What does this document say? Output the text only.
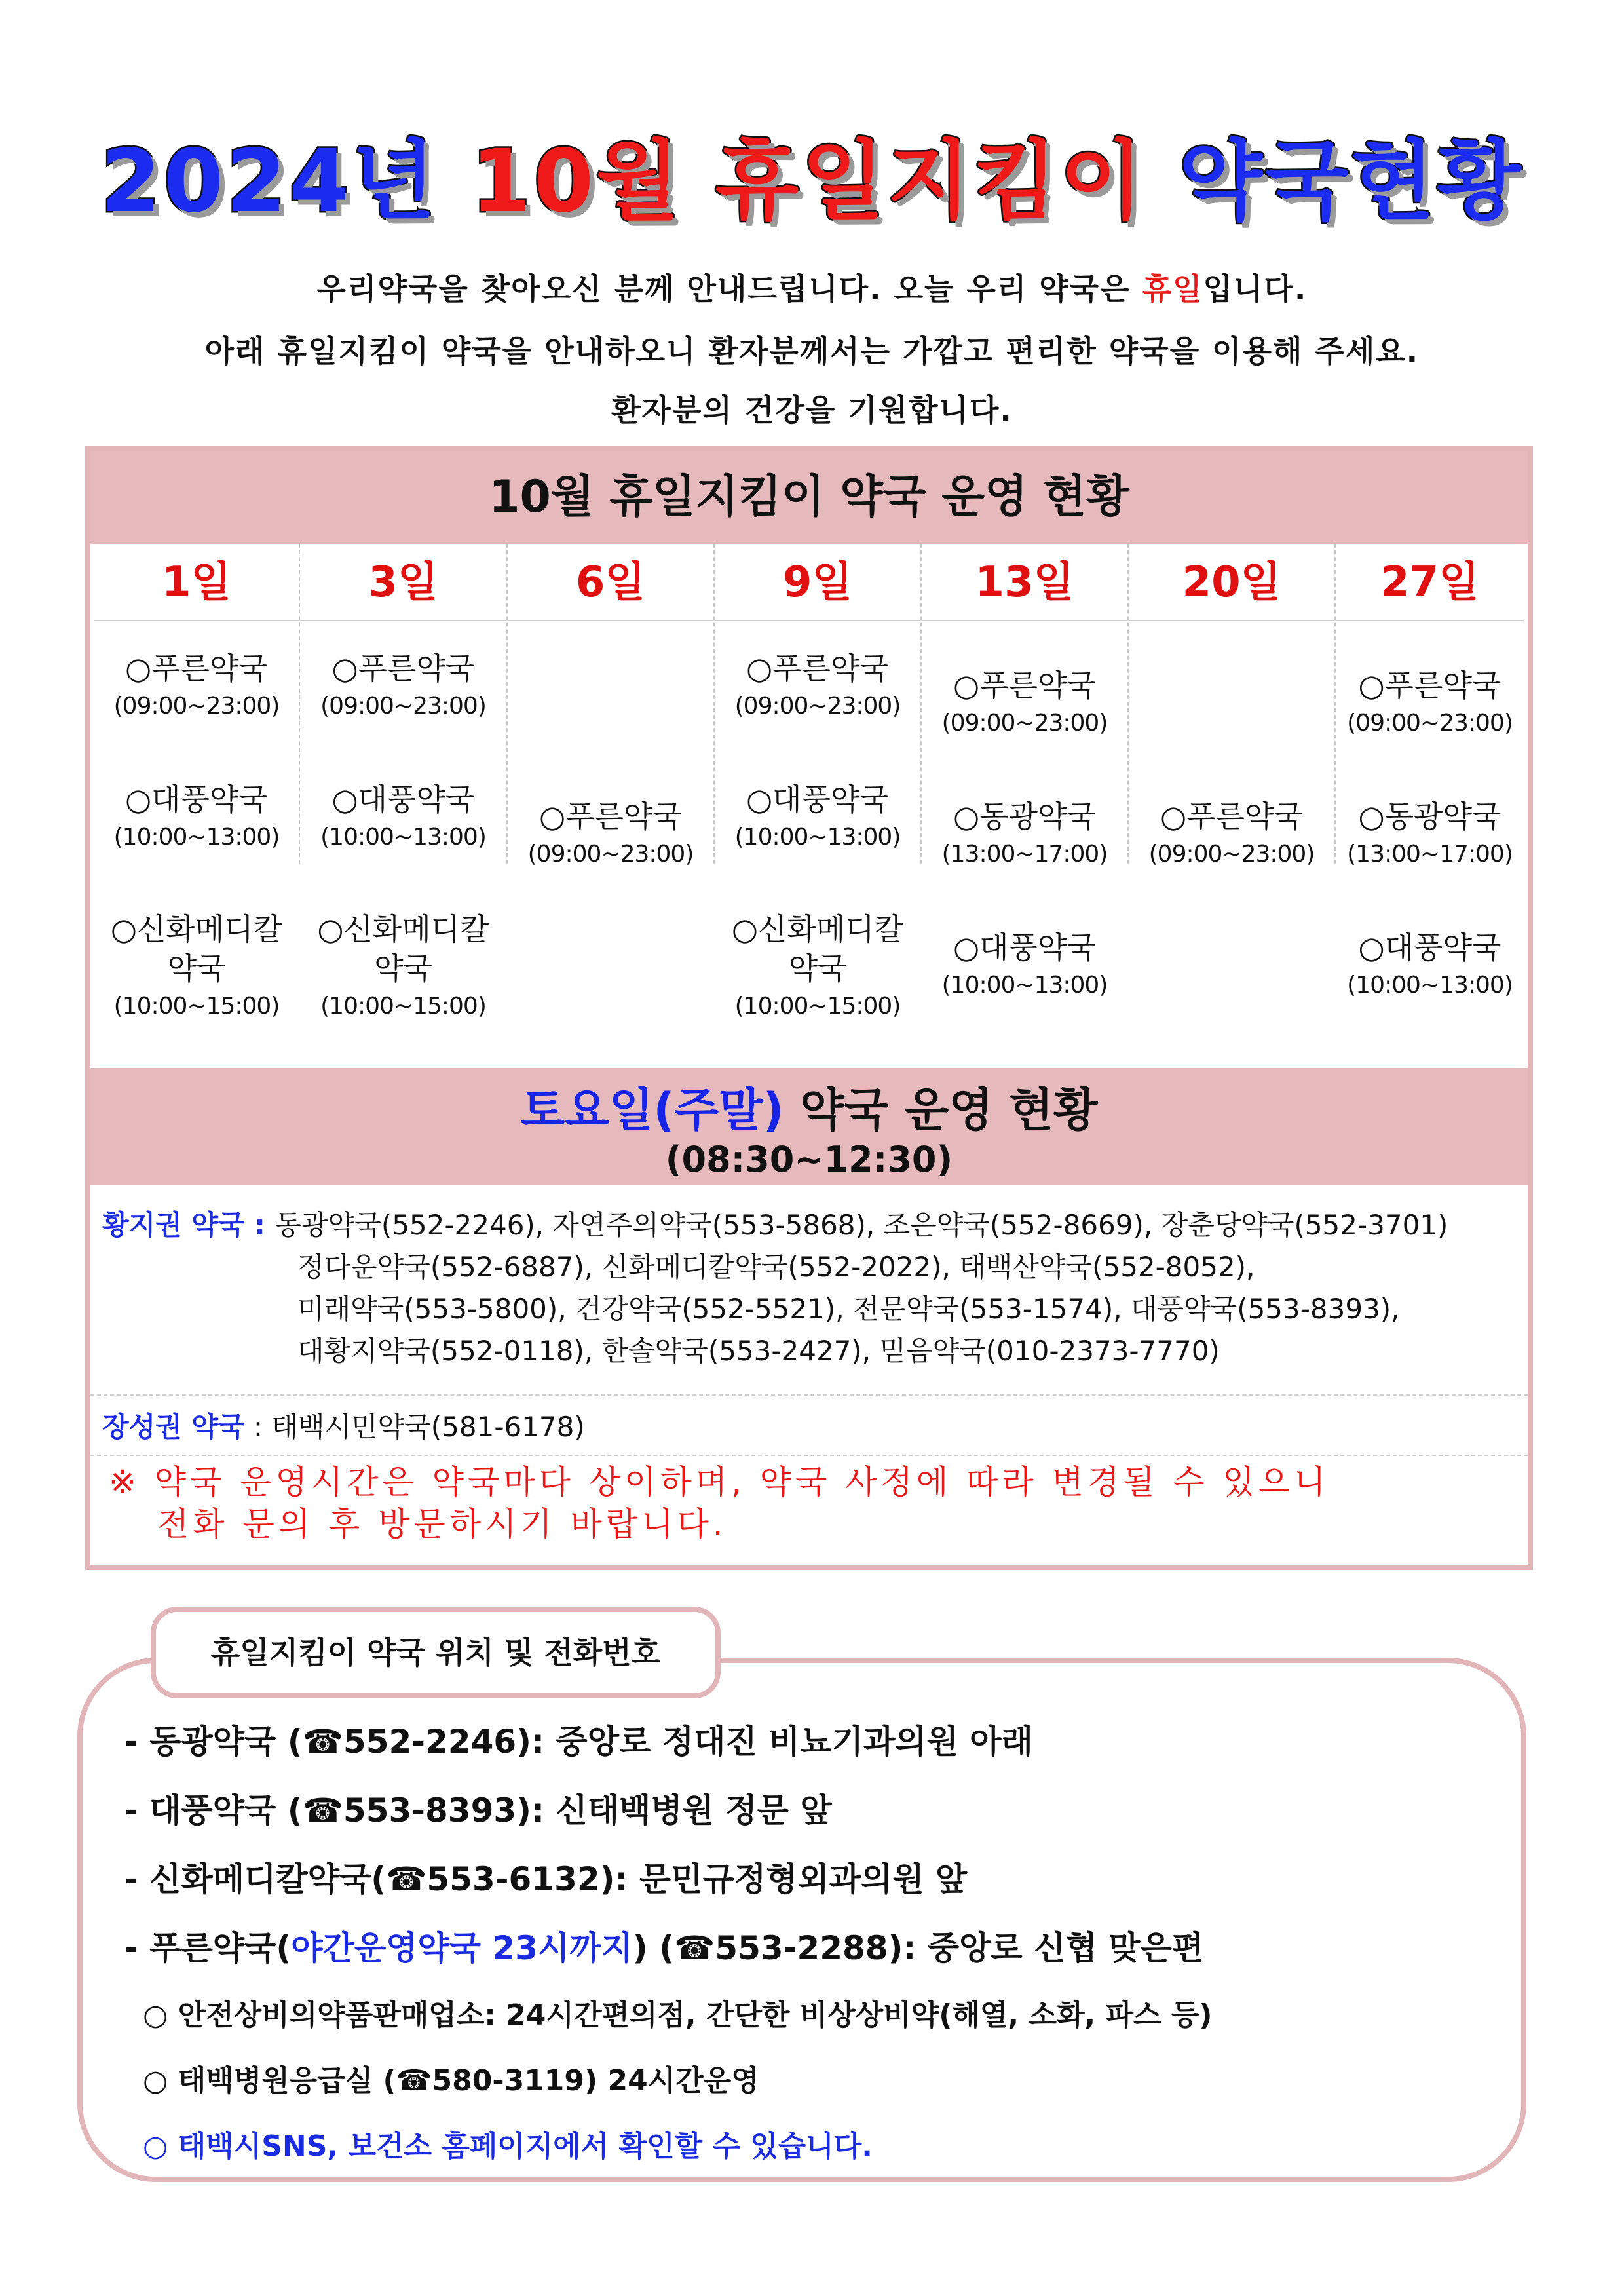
2024년 10월 휴일지킴이 약국현황
우리약국을 찾아오신 분께 안내드립니다. 오늘 우리 약국은 휴일입니다.
아래 휴일지킴이 약국을 안내하오니 환자분께서는 가깝고 편리한 약국을 이용해 주세요.
환자분의 건강을 기원합니다.
10월 휴일지킴이 약국 운영 현황
1일
○푸른약국
(09:00~23:00)
○대풍약국
(10:00~13:00)
○신화메디칼
약국
(10:00~15:00)
3일
○푸른약국
(09:00~23:00)
○대풍약국
(10:00~13:00)
○신화메디칼
약국
(10:00~15:00)
6일
○푸른약국
(09:00~23:00)
9일
○푸른약국
(09:00~23:00)
○대풍약국
(10:00~13:00)
○신화메디칼
약국
(10:00~15:00)
13일
○푸른약국
(09:00~23:00)
○동광약국
(13:00~17:00)
○대풍약국
(10:00~13:00)
20일
○푸른약국
(09:00~23:00)
27일
○푸른약국
(09:00~23:00)
○동광약국
(13:00~17:00)
○대풍약국
(10:00~13:00)
토요일(주말) 약국 운영 현황
(08:30~12:30)
황지권 약국 : 동광약국(552-2246), 자연주의약국(553-5868), 조은약국(552-8669), 장춘당약국(552-3701)
정다운약국(552-6887), 신화메디칼약국(552-2022), 태백산약국(552-8052),
미래약국(553-5800), 건강약국(552-5521), 전문약국(553-1574), 대풍약국(553-8393),
대황지약국(552-0118), 한솔약국(553-2427), 믿음약국(010-2373-7770)
장성권 약국 : 태백시민약국(581-6178)
※ 약국 운영시간은 약국마다 상이하며, 약국 사정에 따라 변경될 수 있으니
전화 문의 후 방문하시기 바랍니다.
휴일지킴이 약국 위치 및 전화번호
- 동광약국 (☎552-2246): 중앙로 정대진 비뇨기과의원 아래
- 대풍약국 (☎553-8393): 신태백병원 정문 앞
- 신화메디칼약국(☎553-6132): 문민규정형외과의원 앞
- 푸른약국(야간운영약국 23시까지) (☎553-2288): 중앙로 신협 맞은편
○ 안전상비의약품판매업소: 24시간편의점, 간단한 비상상비약(해열, 소화, 파스 등)
○ 태백병원응급실 (☎580-3119) 24시간운영
○ 태백시SNS, 보건소 홈페이지에서 확인할 수 있습니다.
